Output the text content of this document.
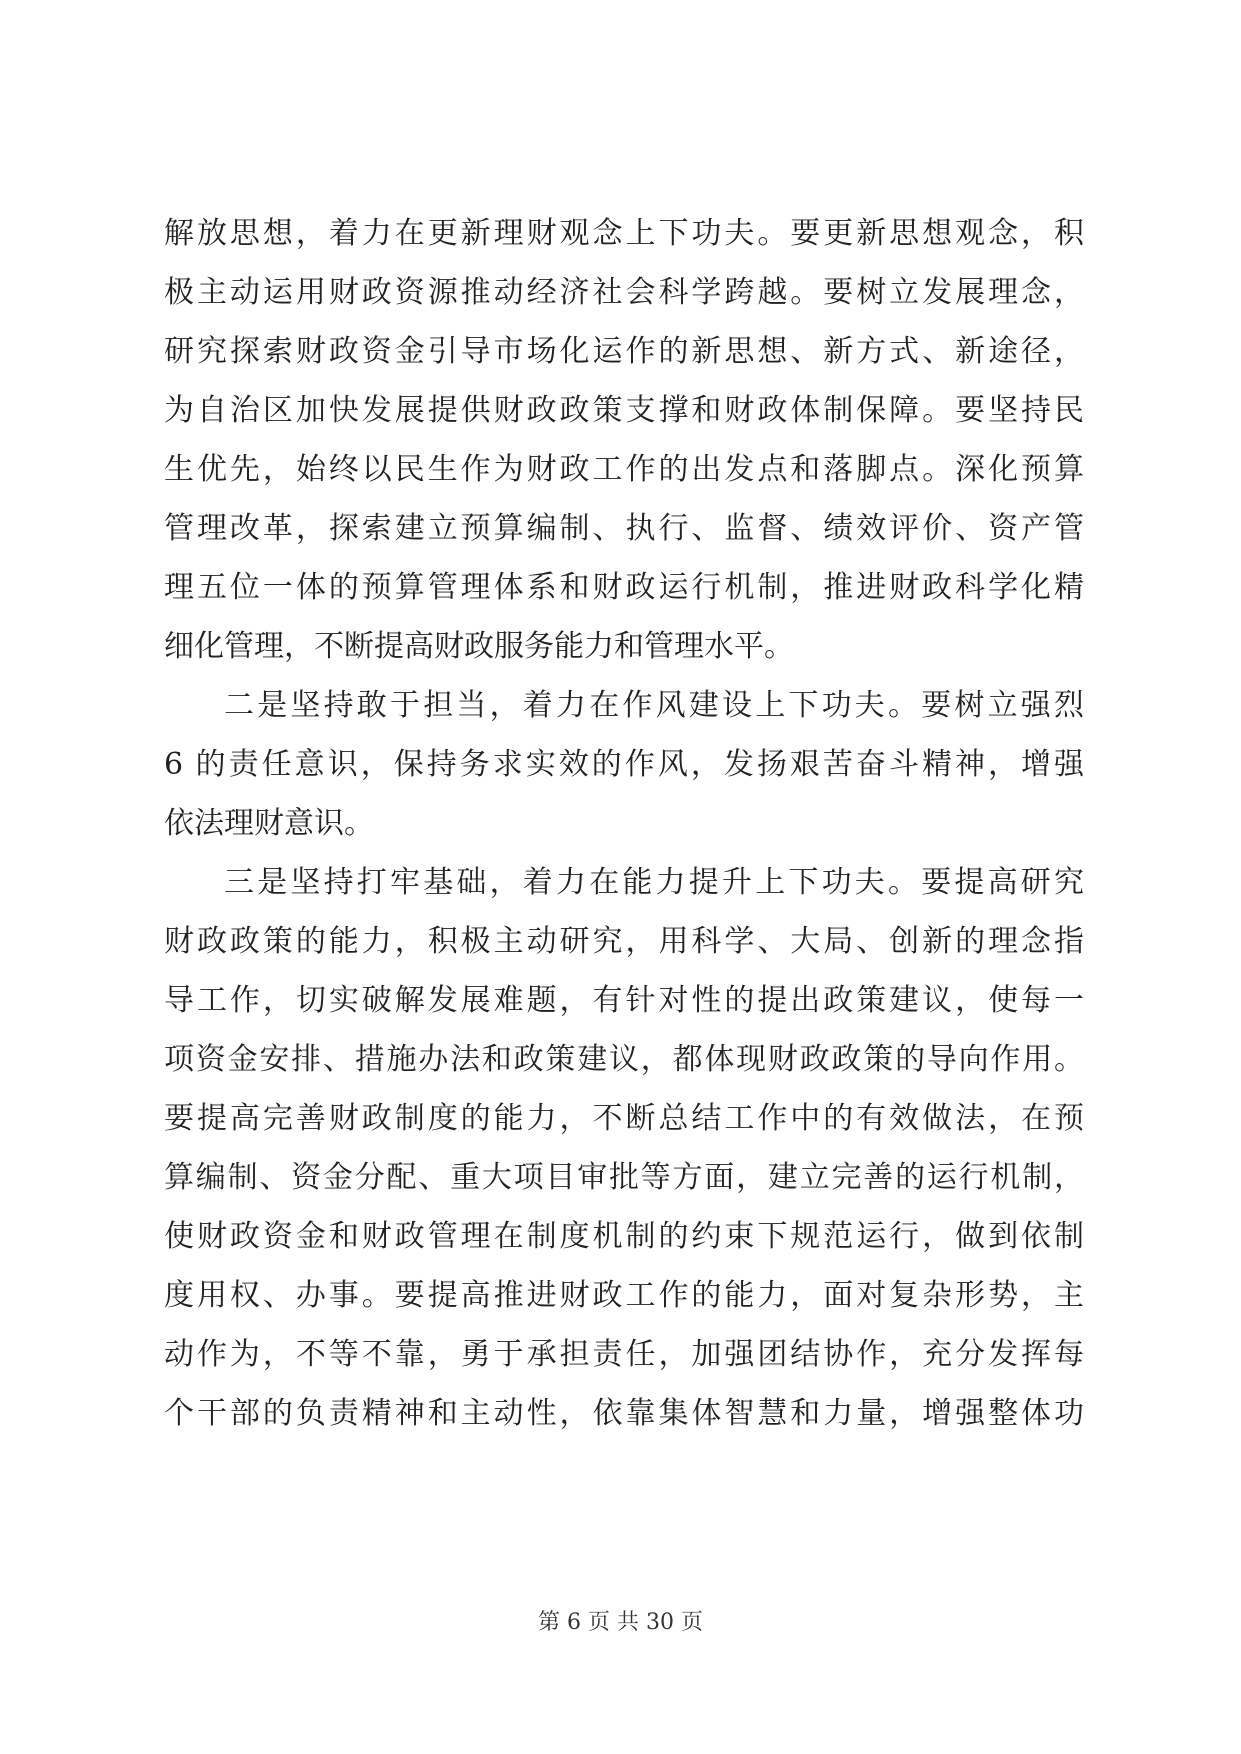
解放思想，着力在更新理财观念上下功夫。要更新思想观念，积
极主动运用财政资源推动经济社会科学跨越。要树立发展理念，
研究探索财政资金引导市场化运作的新思想、新方式、新途径，
为自治区加快发展提供财政政策支撑和财政体制保障。要坚持民
生优先，始终以民生作为财政工作的出发点和落脚点。深化预算
管理改革，探索建立预算编制、执行、监督、绩效评价、资产管
理五位一体的预算管理体系和财政运行机制，推进财政科学化精
细化管理，不断提高财政服务能力和管理水平。
二是坚持敢于担当，着力在作风建设上下功夫。要树立强烈
6 的责任意识，保持务求实效的作风，发扬艰苦奋斗精神，增强
依法理财意识。
三是坚持打牢基础，着力在能力提升上下功夫。要提高研究
财政政策的能力，积极主动研究，用科学、大局、创新的理念指
导工作，切实破解发展难题，有针对性的提出政策建议，使每一
项资金安排、措施办法和政策建议，都体现财政政策的导向作用。
要提高完善财政制度的能力，不断总结工作中的有效做法，在预
算编制、资金分配、重大项目审批等方面，建立完善的运行机制，
使财政资金和财政管理在制度机制的约束下规范运行，做到依制
度用权、办事。要提高推进财政工作的能力，面对复杂形势，主
动作为，不等不靠，勇于承担责任，加强团结协作，充分发挥每
个干部的负责精神和主动性，依靠集体智慧和力量，增强整体功
第 6 页 共 30 页
